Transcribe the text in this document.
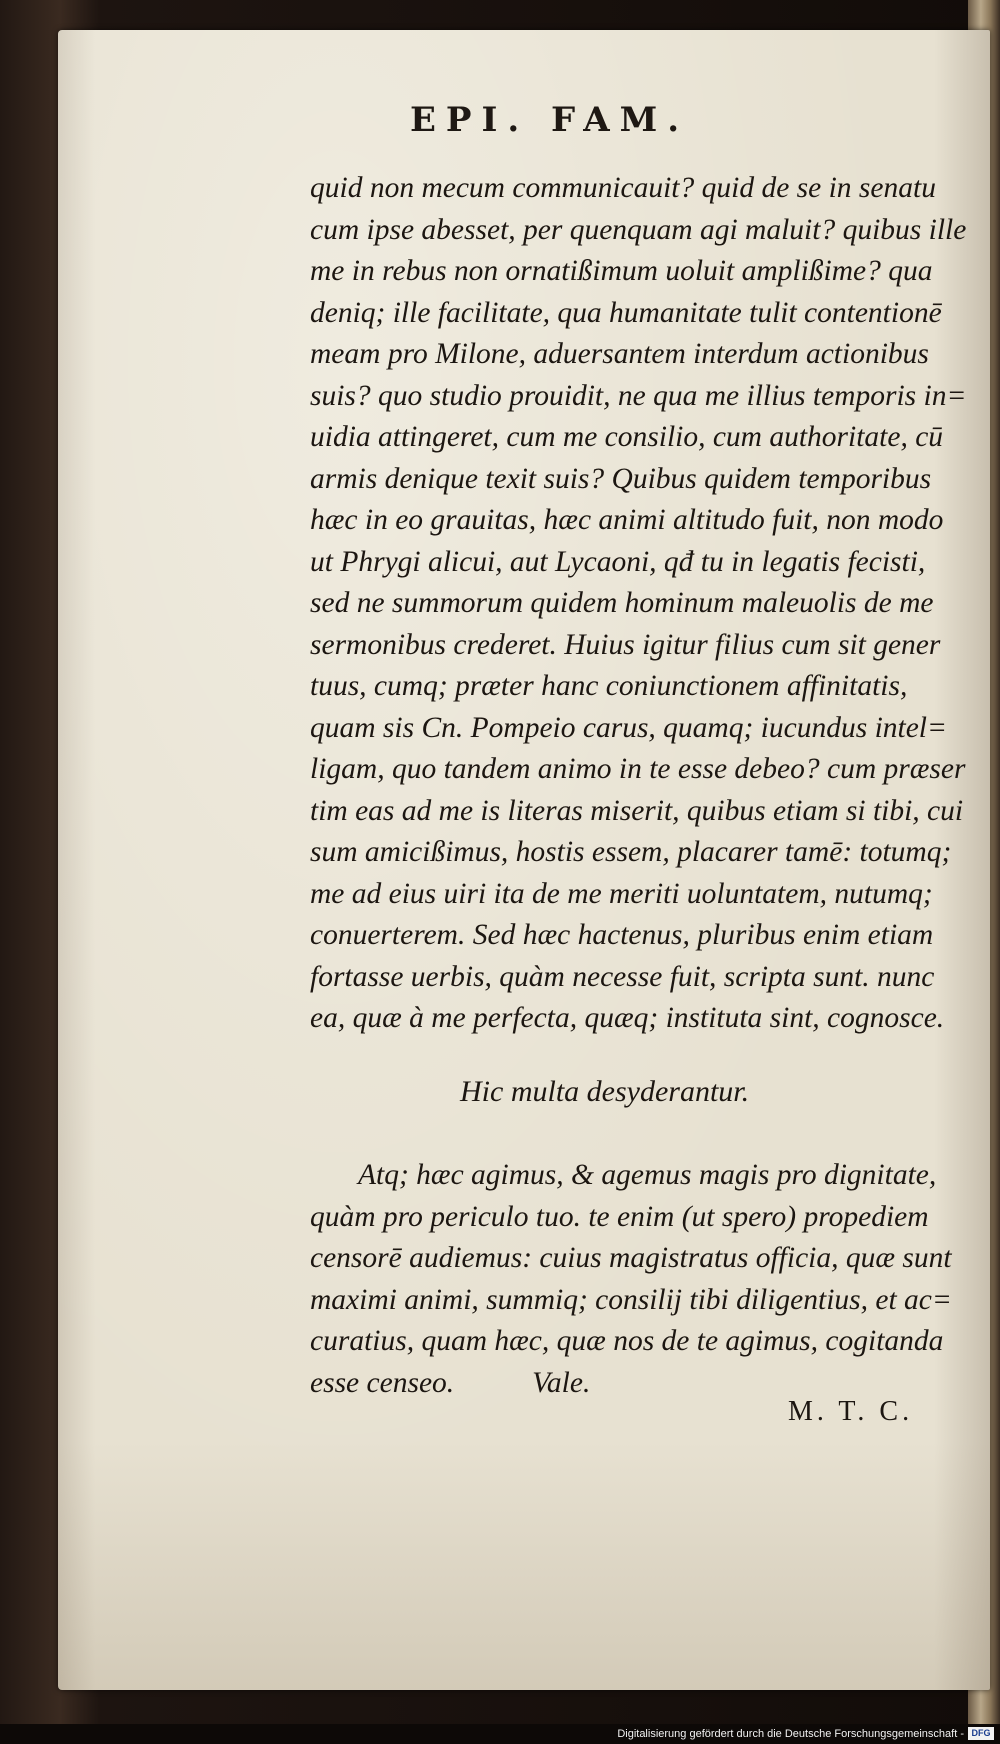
EPI. FAM.
quid non mecum communicauit? quid de se in senatu
cum ipse abesset, per quenquam agi maluit? quibus ille
me in rebus non ornatißimum uoluit amplißime? qua
deniq; ille facilitate, qua humanitate tulit contentionē
meam pro Milone, aduersantem interdum actionibus
suis? quo studio prouidit, ne qua me illius temporis in=
uidia attingeret, cum me consilio, cum authoritate, cū
armis denique texit suis? Quibus quidem temporibus
hæc in eo grauitas, hæc animi altitudo fuit, non modo
ut Phrygi alicui, aut Lycaoni, qđ tu in legatis fecisti,
sed ne summorum quidem hominum maleuolis de me
sermonibus crederet. Huius igitur filius cum sit gener
tuus, cumq; præter hanc coniunctionem affinitatis,
quam sis Cn. Pompeio carus, quamq; iucundus intel=
ligam, quo tandem animo in te esse debeo? cum præser
tim eas ad me is literas miserit, quibus etiam si tibi, cui
sum amicißimus, hostis essem, placarer tamē: totumq;
me ad eius uiri ita de me meriti uoluntatem, nutumq;
conuerterem. Sed hæc hactenus, pluribus enim etiam
fortasse uerbis, quàm necesse fuit, scripta sunt. nunc
ea, quæ à me perfecta, quæq; instituta sint, cognosce.
Hic multa desyderantur.
Atq; hæc agimus, & agemus magis pro dignitate,
quàm pro periculo tuo. te enim (ut spero) propediem
censorē audiemus: cuius magistratus officia, quæ sunt
maximi animi, summiq; consilij tibi diligentius, et ac=
curatius, quam hæc, quæ nos de te agimus, cogitanda
esse censeo.	Vale.
M. T. C.
Digitalisierung gefördert durch die Deutsche Forschungsgemeinschaft - DFG
